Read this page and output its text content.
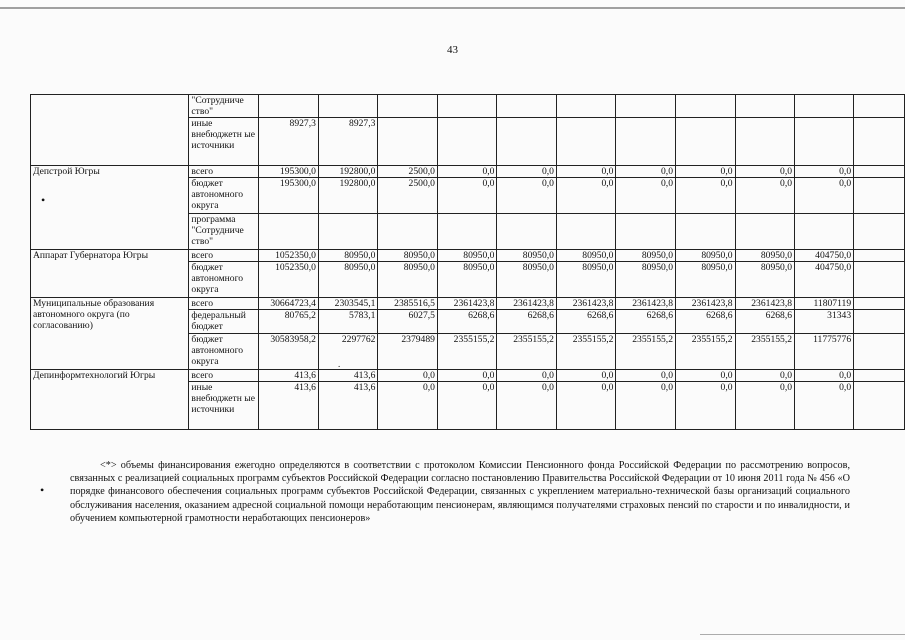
43
	"Сотрудниче ство"											
	иные внебюджетн ые источники	8927,3	8927,3									
Депстрой Югры	всего	195300,0	192800,0	2500,0	0,0	0,0	0,0	0,0	0,0	0,0	0,0	
	бюджет автономного округа	195300,0	192800,0	2500,0	0,0	0,0	0,0	0,0	0,0	0,0	0,0	
	программа "Сотрудниче ство"											
Аппарат Губернатора Югры	всего	1052350,0	80950,0	80950,0	80950,0	80950,0	80950,0	80950,0	80950,0	80950,0	404750,0	
	бюджет автономного округа	1052350,0	80950,0	80950,0	80950,0	80950,0	80950,0	80950,0	80950,0	80950,0	404750,0	
Муниципальные образования автономного округа (по согласованию)	всего	30664723,4	2303545,1	2385516,5	2361423,8	2361423,8	2361423,8	2361423,8	2361423,8	2361423,8	11807119	
	федеральный бюджет	80765,2	5783,1	6027,5	6268,6	6268,6	6268,6	6268,6	6268,6	6268,6	31343	
	бюджет автономного округа	30583958,2	2297762	2379489	2355155,2	2355155,2	2355155,2	2355155,2	2355155,2	2355155,2	11775776	
Депинформтехнологий Югры	всего	413,6	413,6	0,0	0,0	0,0	0,0	0,0	0,0	0,0	0,0	
	иные внебюджетн ые источники	413,6	413,6	0,0	0,0	0,0	0,0	0,0	0,0	0,0	0,0	
<*> объемы финансирования ежегодно определяются в соответствии с протоколом Комиссии Пенсионного фонда Российской Федерации по рассмотрению вопросов, связанных с реализацией социальных программ субъектов Российской Федерации согласно постановлению Правительства Российской Федерации от 10 июня 2011 года № 456 «О порядке финансового обеспечения социальных программ субъектов Российской Федерации, связанных с укреплением материально-технической базы организаций социального обслуживания населения, оказанием адресной социальной помощи неработающим пенсионерам, являющимся получателями страховых пенсий по старости и по инвалидности, и обучением компьютерной грамотности неработающих пенсионеров»
•
•
.
